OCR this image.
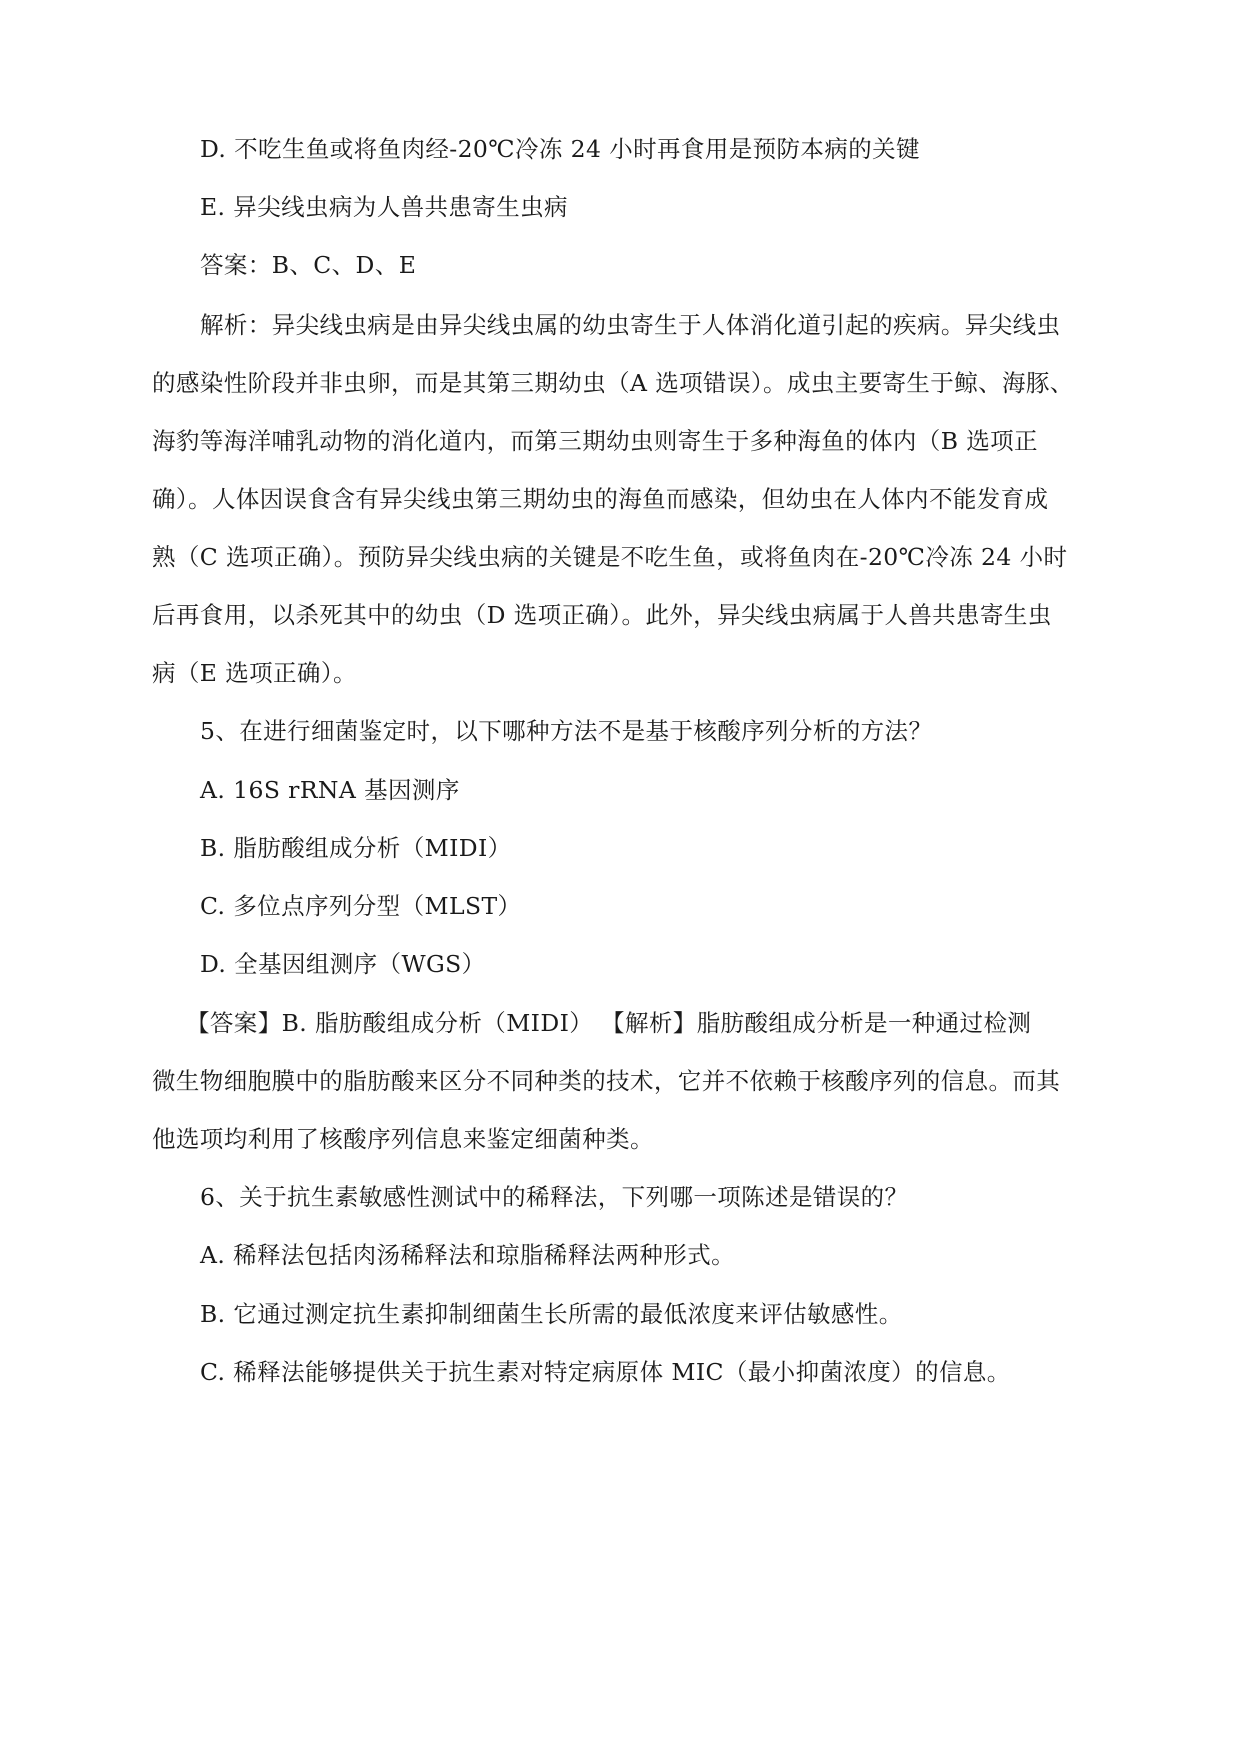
D. 不吃生鱼或将鱼肉经-20℃冷冻 24 小时再食用是预防本病的关键
E. 异尖线虫病为人兽共患寄生虫病
答案：B、C、D、E
解析：异尖线虫病是由异尖线虫属的幼虫寄生于人体消化道引起的疾病。异尖线虫
的感染性阶段并非虫卵，而是其第三期幼虫（A 选项错误）。成虫主要寄生于鲸、海豚、
海豹等海洋哺乳动物的消化道内，而第三期幼虫则寄生于多种海鱼的体内（B 选项正
确）。人体因误食含有异尖线虫第三期幼虫的海鱼而感染，但幼虫在人体内不能发育成
熟（C 选项正确）。预防异尖线虫病的关键是不吃生鱼，或将鱼肉在-20℃冷冻 24 小时
后再食用，以杀死其中的幼虫（D 选项正确）。此外，异尖线虫病属于人兽共患寄生虫
病（E 选项正确）。
5、在进行细菌鉴定时，以下哪种方法不是基于核酸序列分析的方法？
A. 16S rRNA 基因测序
B. 脂肪酸组成分析（MIDI）
C. 多位点序列分型（MLST）
D. 全基因组测序（WGS）
【答案】B. 脂肪酸组成分析（MIDI） 【解析】脂肪酸组成分析是一种通过检测
微生物细胞膜中的脂肪酸来区分不同种类的技术，它并不依赖于核酸序列的信息。而其
他选项均利用了核酸序列信息来鉴定细菌种类。
6、关于抗生素敏感性测试中的稀释法，下列哪一项陈述是错误的？
A. 稀释法包括肉汤稀释法和琼脂稀释法两种形式。
B. 它通过测定抗生素抑制细菌生长所需的最低浓度来评估敏感性。
C. 稀释法能够提供关于抗生素对特定病原体 MIC（最小抑菌浓度）的信息。
